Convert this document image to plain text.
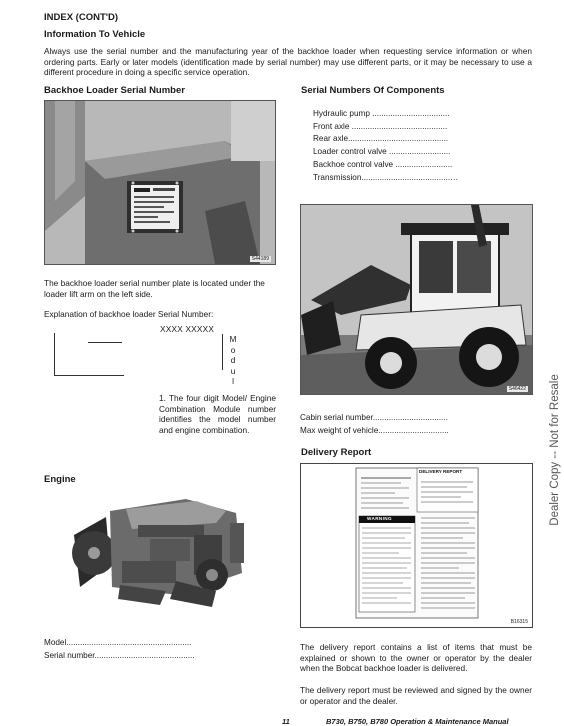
INDEX (CONT'D)
Information To Vehicle
Always use the serial number and the manufacturing year of the backhoe loader when requesting service information or when ordering parts. Early or later models (identification made by serial number) may use different parts, or it may be necessary to use a different procedure in doing a specific service operation.
Backhoe Loader Serial Number
S44189
The backhoe loader serial number plate is located under the loader lift arm on the left side.
Explanation of backhoe loader Serial Number:
XXXX XXXXX
M
o
d
u
l
1. The four digit Model/ Engine Combination Module number identifies the model number and engine combination.
Serial Numbers Of Components
Hydraulic pump ..................................
Front axle ..........................................
Rear axle............................................
Loader control valve ...........................
Backhoe control valve .........................
Transmission.......................................…
S46422
Cabin serial number.................................
Max weight of vehicle...............................
Delivery Report
DELIVERY REPORT
WARNING
B16315
The delivery report contains a list of items that must be explained or shown to the owner or operator by the dealer when the Bobcat backhoe loader is delivered.
The delivery report must be reviewed and signed by the owner or operator and the dealer.
Engine
Model.......................................................
Serial number............................................
Dealer Copy -- Not for Resale
11	B730, B750, B780 Operation & Maintenance Manual
